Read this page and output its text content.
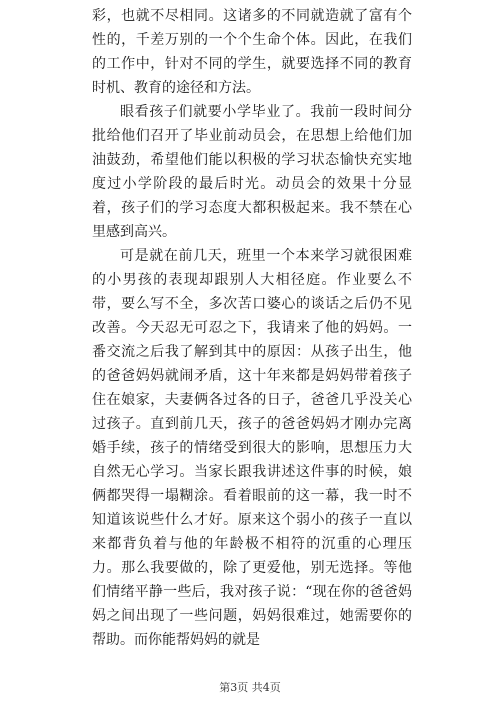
彩，也就不尽相同。这诸多的不同就造就了富有个性的，千差万别的一个个生命个体。因此，在我们的工作中，针对不同的学生，就要选择不同的教育时机、教育的途径和方法。

眼看孩子们就要小学毕业了。我前一段时间分批给他们召开了毕业前动员会，在思想上给他们加油鼓劲，希望他们能以积极的学习状态愉快充实地度过小学阶段的最后时光。动员会的效果十分显着，孩子们的学习态度大都积极起来。我不禁在心里感到高兴。

可是就在前几天，班里一个本来学习就很困难的小男孩的表现却跟别人大相径庭。作业要么不带，要么写不全，多次苦口婆心的谈话之后仍不见改善。今天忍无可忍之下，我请来了他的妈妈。一番交流之后我了解到其中的原因：从孩子出生，他的爸爸妈妈就闹矛盾，这十年来都是妈妈带着孩子住在娘家，夫妻俩各过各的日子，爸爸几乎没关心过孩子。直到前几天，孩子的爸爸妈妈才刚办完离婚手续，孩子的情绪受到很大的影响，思想压力大自然无心学习。当家长跟我讲述这件事的时候，娘俩都哭得一塌糊涂。看着眼前的这一幕，我一时不知道该说些什么才好。原来这个弱小的孩子一直以来都背负着与他的年龄极不相符的沉重的心理压力。那么我要做的，除了更爱他，别无选择。等他们情绪平静一些后，我对孩子说：“现在你的爸爸妈妈之间出现了一些问题，妈妈很难过，她需要你的帮助。而你能帮妈妈的就是

第3页 共4页
